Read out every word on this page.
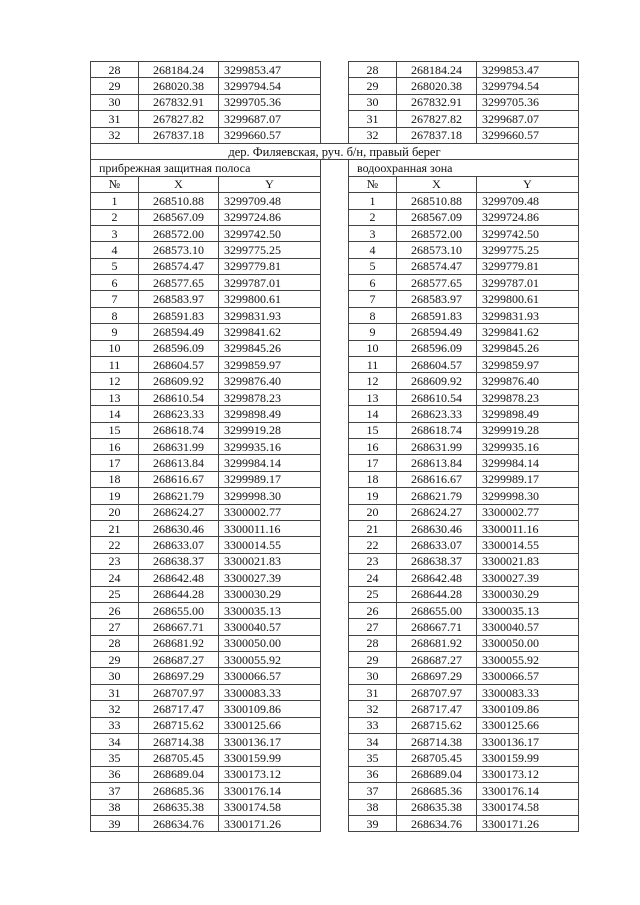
28	268184.24	3299853.47		28	268184.24	3299853.47
29	268020.38	3299794.54		29	268020.38	3299794.54
30	267832.91	3299705.36		30	267832.91	3299705.36
31	267827.82	3299687.07		31	267827.82	3299687.07
32	267837.18	3299660.57		32	267837.18	3299660.57
дер. Филяевская, руч. б/н, правый берег						
прибрежная защитная полоса				водоохранная зона		
№	X	Y		№	X	Y
1	268510.88	3299709.48		1	268510.88	3299709.48
2	268567.09	3299724.86		2	268567.09	3299724.86
3	268572.00	3299742.50		3	268572.00	3299742.50
4	268573.10	3299775.25		4	268573.10	3299775.25
5	268574.47	3299779.81		5	268574.47	3299779.81
6	268577.65	3299787.01		6	268577.65	3299787.01
7	268583.97	3299800.61		7	268583.97	3299800.61
8	268591.83	3299831.93		8	268591.83	3299831.93
9	268594.49	3299841.62		9	268594.49	3299841.62
10	268596.09	3299845.26		10	268596.09	3299845.26
11	268604.57	3299859.97		11	268604.57	3299859.97
12	268609.92	3299876.40		12	268609.92	3299876.40
13	268610.54	3299878.23		13	268610.54	3299878.23
14	268623.33	3299898.49		14	268623.33	3299898.49
15	268618.74	3299919.28		15	268618.74	3299919.28
16	268631.99	3299935.16		16	268631.99	3299935.16
17	268613.84	3299984.14		17	268613.84	3299984.14
18	268616.67	3299989.17		18	268616.67	3299989.17
19	268621.79	3299998.30		19	268621.79	3299998.30
20	268624.27	3300002.77		20	268624.27	3300002.77
21	268630.46	3300011.16		21	268630.46	3300011.16
22	268633.07	3300014.55		22	268633.07	3300014.55
23	268638.37	3300021.83		23	268638.37	3300021.83
24	268642.48	3300027.39		24	268642.48	3300027.39
25	268644.28	3300030.29		25	268644.28	3300030.29
26	268655.00	3300035.13		26	268655.00	3300035.13
27	268667.71	3300040.57		27	268667.71	3300040.57
28	268681.92	3300050.00		28	268681.92	3300050.00
29	268687.27	3300055.92		29	268687.27	3300055.92
30	268697.29	3300066.57		30	268697.29	3300066.57
31	268707.97	3300083.33		31	268707.97	3300083.33
32	268717.47	3300109.86		32	268717.47	3300109.86
33	268715.62	3300125.66		33	268715.62	3300125.66
34	268714.38	3300136.17		34	268714.38	3300136.17
35	268705.45	3300159.99		35	268705.45	3300159.99
36	268689.04	3300173.12		36	268689.04	3300173.12
37	268685.36	3300176.14		37	268685.36	3300176.14
38	268635.38	3300174.58		38	268635.38	3300174.58
39	268634.76	3300171.26		39	268634.76	3300171.26
